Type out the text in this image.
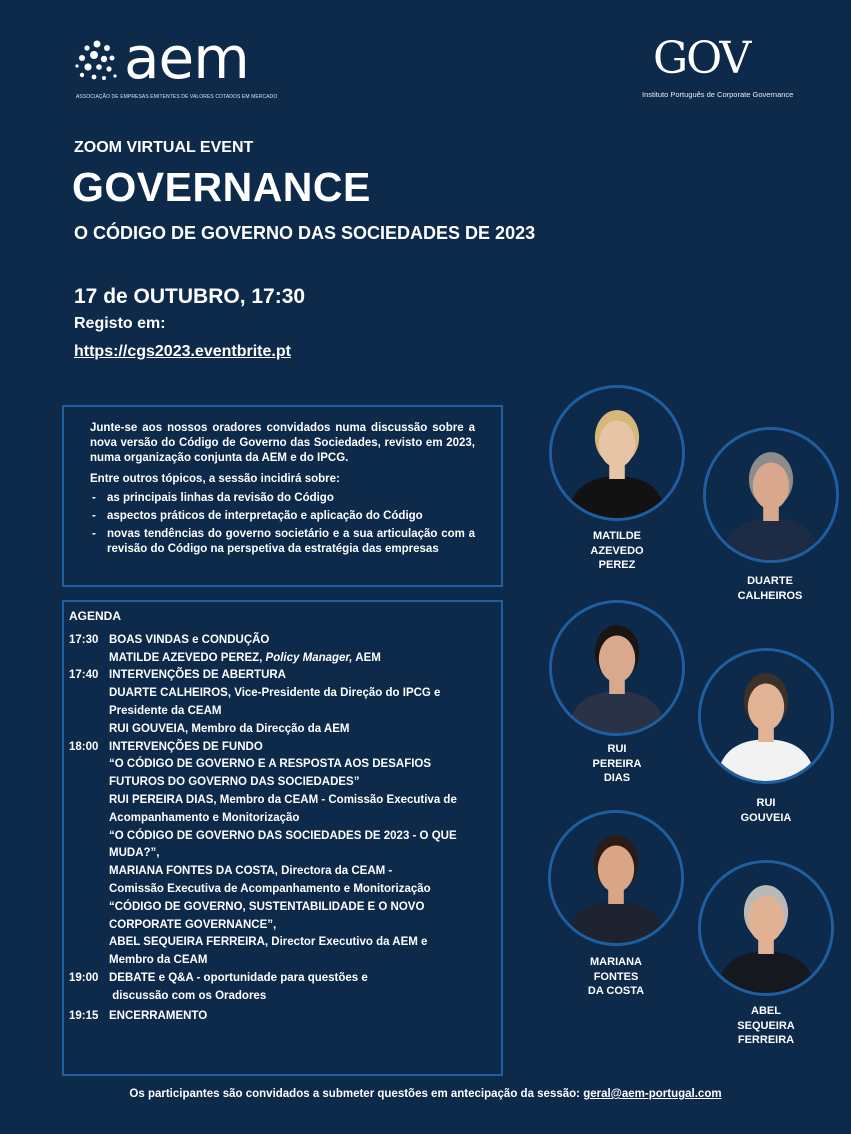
aem
ASSOCIAÇÃO DE EMPRESAS EMITENTES DE VALORES COTADOS EM MERCADO
GOV
Instituto Português de Corporate Governance
ZOOM VIRTUAL EVENT
GOVERNANCE
O CÓDIGO DE GOVERNO DAS SOCIEDADES DE 2023
17 de OUTUBRO, 17:30
Registo em:
https://cgs2023.eventbrite.pt

Junte-se aos nossos oradores convidados numa discussão sobre a nova versão do Código de Governo das Sociedades, revisto em 2023, numa organização conjunta da AEM e do IPCG.

Entre outros tópicos, a sessão incidirá sobre:

- as principais linhas da revisão do Código
- aspectos práticos de interpretação e aplicação do Código
- novas tendências do governo societário e a sua articulação com a revisão do Código na perspetiva da estratégia das empresas
AGENDA
17:30 BOAS VINDAS e CONDUÇÃO
MATILDE AZEVEDO PEREZ, Policy Manager, AEM
17:40 INTERVENÇÕES DE ABERTURA
DUARTE CALHEIROS, Vice-Presidente da Direção do IPCG e
Presidente da CEAM
RUI GOUVEIA, Membro da Direcção da AEM
18:00 INTERVENÇÕES DE FUNDO
“O CÓDIGO DE GOVERNO E A RESPOSTA AOS DESAFIOS
FUTUROS DO GOVERNO DAS SOCIEDADES”
RUI PEREIRA DIAS, Membro da CEAM - Comissão Executiva de
Acompanhamento e Monitorização
“O CÓDIGO DE GOVERNO DAS SOCIEDADES DE 2023 - O QUE
MUDA?”,
MARIANA FONTES DA COSTA, Directora da CEAM -
Comissão Executiva de Acompanhamento e Monitorização
“CÓDIGO DE GOVERNO, SUSTENTABILIDADE E O NOVO
CORPORATE GOVERNANCE”,
ABEL SEQUEIRA FERREIRA, Director Executivo da AEM e
Membro da CEAM
19:00 DEBATE e Q&A - oportunidade para questões e
discussão com os Oradores
19:15 ENCERRAMENTO
MATILDE
AZEVEDO
PEREZ
DUARTE
CALHEIROS
RUI
PEREIRA
DIAS
RUI
GOUVEIA
MARIANA
FONTES
DA COSTA
ABEL
SEQUEIRA
FERREIRA
Os participantes são convidados a submeter questões em antecipação da sessão: geral@aem-portugal.com
